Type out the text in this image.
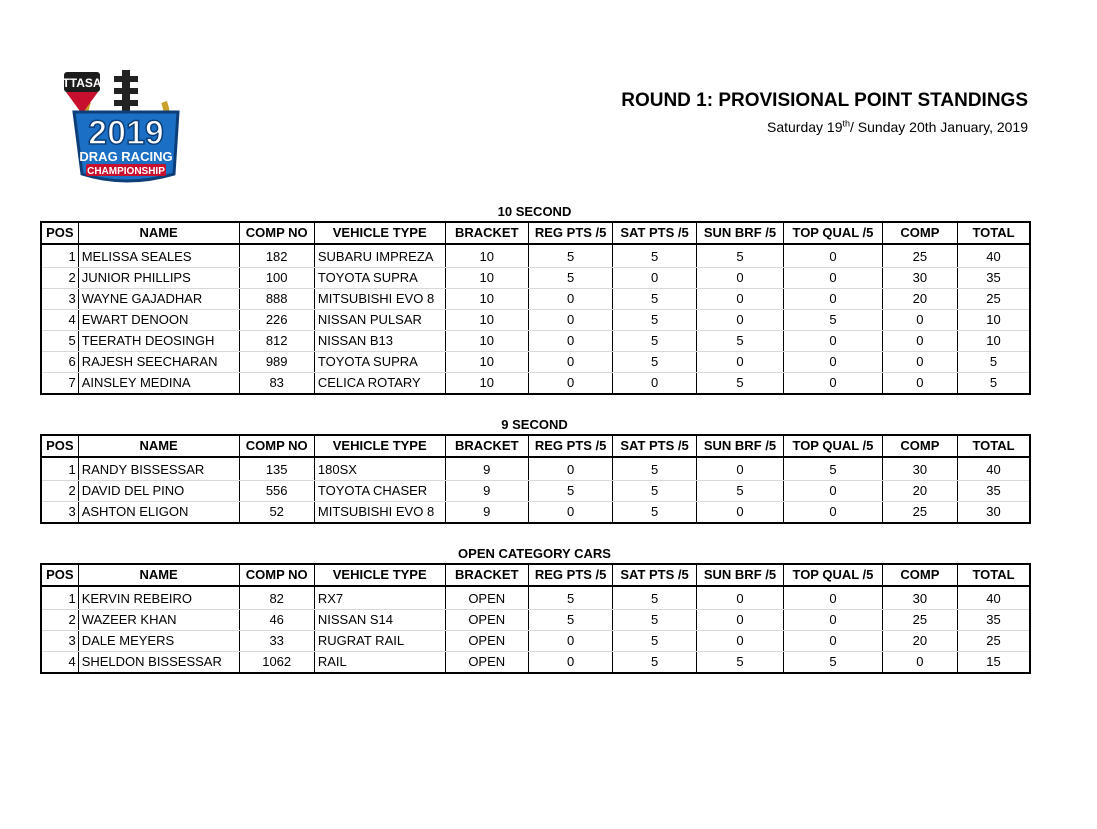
TTASA
2019
DRAG RACING
CHAMPIONSHIP
ROUND 1: PROVISIONAL POINT STANDINGS
Saturday 19th/ Sunday 20th January, 2019
10 SECOND
POS	NAME	COMP NO	VEHICLE TYPE	BRACKET	REG PTS /5	SAT PTS /5	SUN BRF /5	TOP QUAL /5	COMP	TOTAL
1	MELISSA SEALES	182	SUBARU IMPREZA	10	5	5	5	0	25	40
2	JUNIOR PHILLIPS	100	TOYOTA SUPRA	10	5	0	0	0	30	35
3	WAYNE GAJADHAR	888	MITSUBISHI EVO 8	10	0	5	0	0	20	25
4	EWART DENOON	226	NISSAN PULSAR	10	0	5	0	5	0	10
5	TEERATH DEOSINGH	812	NISSAN B13	10	0	5	5	0	0	10
6	RAJESH SEECHARAN	989	TOYOTA SUPRA	10	0	5	0	0	0	5
7	AINSLEY MEDINA	83	CELICA ROTARY	10	0	0	5	0	0	5
9 SECOND
POS	NAME	COMP NO	VEHICLE TYPE	BRACKET	REG PTS /5	SAT PTS /5	SUN BRF /5	TOP QUAL /5	COMP	TOTAL
1	RANDY BISSESSAR	135	180SX	9	0	5	0	5	30	40
2	DAVID DEL PINO	556	TOYOTA CHASER	9	5	5	5	0	20	35
3	ASHTON ELIGON	52	MITSUBISHI EVO 8	9	0	5	0	0	25	30
OPEN CATEGORY CARS
POS	NAME	COMP NO	VEHICLE TYPE	BRACKET	REG PTS /5	SAT PTS /5	SUN BRF /5	TOP QUAL /5	COMP	TOTAL
1	KERVIN REBEIRO	82	RX7	OPEN	5	5	0	0	30	40
2	WAZEER KHAN	46	NISSAN S14	OPEN	5	5	0	0	25	35
3	DALE MEYERS	33	RUGRAT RAIL	OPEN	0	5	0	0	20	25
4	SHELDON BISSESSAR	1062	RAIL	OPEN	0	5	5	5	0	15
